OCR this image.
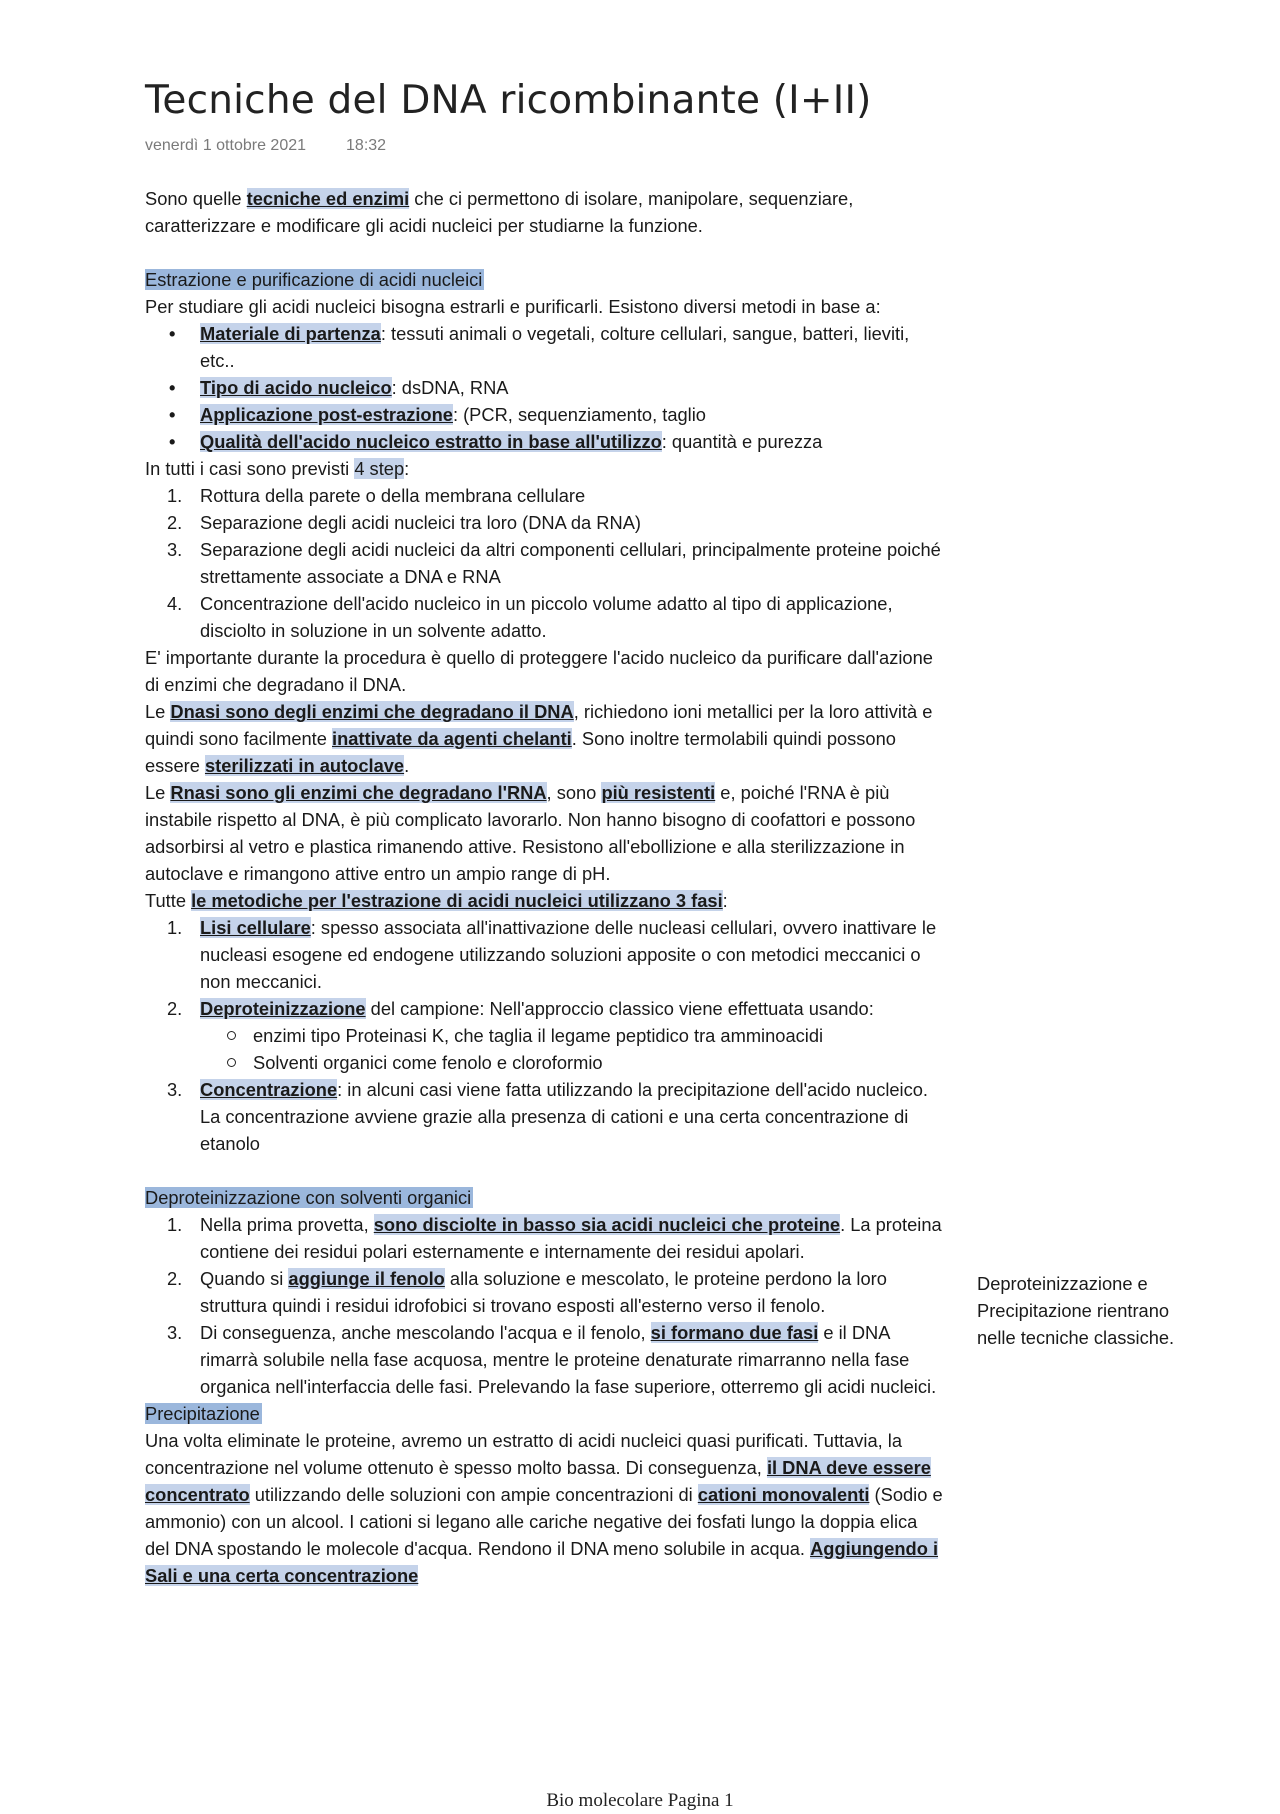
Tecniche del DNA ricombinante (I+II)
venerdì 1 ottobre 2021	18:32

Sono quelle tecniche ed enzimi che ci permettono di isolare, manipolare, sequenziare, caratterizzare e modificare gli acidi nucleici per studiarne la funzione.

Estrazione e purificazione di acidi nucleici

Per studiare gli acidi nucleici bisogna estrarli e purificarli. Esistono diversi metodi in base a:

• Materiale di partenza: tessuti animali o vegetali, colture cellulari, sangue, batteri, lieviti, etc..
• Tipo di acido nucleico: dsDNA, RNA
• Applicazione post-estrazione: (PCR, sequenziamento, taglio
• Qualità dell'acido nucleico estratto in base all'utilizzo: quantità e purezza

In tutti i casi sono previsti 4 step:

1. Rottura della parete o della membrana cellulare
2. Separazione degli acidi nucleici tra loro (DNA da RNA)
3. Separazione degli acidi nucleici da altri componenti cellulari, principalmente proteine poiché strettamente associate a DNA e RNA
4. Concentrazione dell'acido nucleico in un piccolo volume adatto al tipo di applicazione, disciolto in soluzione in un solvente adatto.

E' importante durante la procedura è quello di proteggere l'acido nucleico da purificare dall'azione di enzimi che degradano il DNA.

Le Dnasi sono degli enzimi che degradano il DNA, richiedono ioni metallici per la loro attività e quindi sono facilmente inattivate da agenti chelanti. Sono inoltre termolabili quindi possono essere sterilizzati in autoclave.

Le Rnasi sono gli enzimi che degradano l'RNA, sono più resistenti e, poiché l'RNA è più instabile rispetto al DNA, è più complicato lavorarlo. Non hanno bisogno di coofattori e possono adsorbirsi al vetro e plastica rimanendo attive. Resistono all'ebollizione e alla sterilizzazione in autoclave e rimangono attive entro un ampio range di pH.

Tutte le metodiche per l'estrazione di acidi nucleici utilizzano 3 fasi:

1. Lisi cellulare: spesso associata all'inattivazione delle nucleasi cellulari, ovvero inattivare le nucleasi esogene ed endogene utilizzando soluzioni apposite o con metodici meccanici o non meccanici.
2. Deproteinizzazione del campione: Nell'approccio classico viene effettuata usando:
enzimi tipo Proteinasi K, che taglia il legame peptidico tra amminoacidi
Solventi organici come fenolo e cloroformio
3. Concentrazione: in alcuni casi viene fatta utilizzando la precipitazione dell'acido nucleico. La concentrazione avviene grazie alla presenza di cationi e una certa concentrazione di etanolo

Deproteinizzazione con solventi organici

1. Nella prima provetta, sono disciolte in basso sia acidi nucleici che proteine. La proteina contiene dei residui polari esternamente e internamente dei residui apolari.
2. Quando si aggiunge il fenolo alla soluzione e mescolato, le proteine perdono la loro struttura quindi i residui idrofobici si trovano esposti all'esterno verso il fenolo.
3. Di conseguenza, anche mescolando l'acqua e il fenolo, si formano due fasi e il DNA rimarrà solubile nella fase acquosa, mentre le proteine denaturate rimarranno nella fase organica nell'interfaccia delle fasi. Prelevando la fase superiore, otterremo gli acidi nucleici.

Precipitazione

Una volta eliminate le proteine, avremo un estratto di acidi nucleici quasi purificati. Tuttavia, la concentrazione nel volume ottenuto è spesso molto bassa. Di conseguenza, il DNA deve essere concentrato utilizzando delle soluzioni con ampie concentrazioni di cationi monovalenti (Sodio e ammonio) con un alcool. I cationi si legano alle cariche negative dei fosfati lungo la doppia elica del DNA spostando le molecole d'acqua. Rendono il DNA meno solubile in acqua. Aggiungendo i Sali e una certa concentrazione

Deproteinizzazione e Precipitazione rientrano nelle tecniche classiche.
Bio molecolare Pagina 1
